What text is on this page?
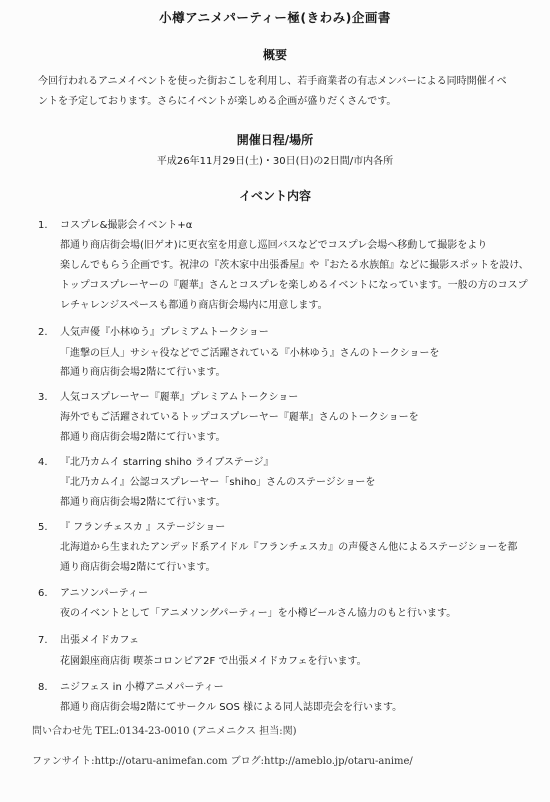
小樽アニメパーティー極(きわみ)企画書
概要
今回行われるアニメイベントを使った街おこしを利用し、若手商業者の有志メンバーによる同時開催イベ
ントを予定しております。さらにイベントが楽しめる企画が盛りだくさんです。
開催日程/場所
平成26年11月29日(土)・30日(日)の2日間/市内各所
イベント内容
1. コスプレ&撮影会イベント+α
都通り商店街会場(旧ゲオ)に更衣室を用意し巡回バスなどでコスプレ会場へ移動して撮影をより
楽しんでもらう企画です。祝津の『茨木家中出張番屋』や『おたる水族館』などに撮影スポットを設け、
トップコスプレーヤーの『麗華』さんとコスプレを楽しめるイベントになっています。一般の方のコスプ
レチャレンジスペースも都通り商店街会場内に用意します。
2. 人気声優『小林ゆう』プレミアムトークショー
「進撃の巨人」サシャ役などでご活躍されている『小林ゆう』さんのトークショーを
都通り商店街会場2階にて行います。
3. 人気コスプレーヤー『麗華』プレミアムトークショー
海外でもご活躍されているトップコスプレーヤー『麗華』さんのトークショーを
都通り商店街会場2階にて行います。
4. 『北乃カムイ starring shiho ライブステージ』
『北乃カムイ』公認コスプレーヤー「shiho」さんのステージショーを
都通り商店街会場2階にて行います。
5. 『 フランチェスカ 』ステージショー
北海道から生まれたアンデッド系アイドル『フランチェスカ』の声優さん他によるステージショーを都
通り商店街会場2階にて行います。
6. アニソンパーティー
夜のイベントとして「アニメソングパーティー」を小樽ビールさん協力のもと行います。
7. 出張メイドカフェ
花園銀座商店街 喫茶コロンビア2F で出張メイドカフェを行います。
8. ニジフェス in 小樽アニメパーティー
都通り商店街会場2階にてサークル SOS 様による同人誌即売会を行います。
問い合わせ先 TEL:0134-23-0010 (アニメニクス 担当:関)
ファンサイト:http://otaru-animefan.com ブログ:http://ameblo.jp/otaru-anime/
